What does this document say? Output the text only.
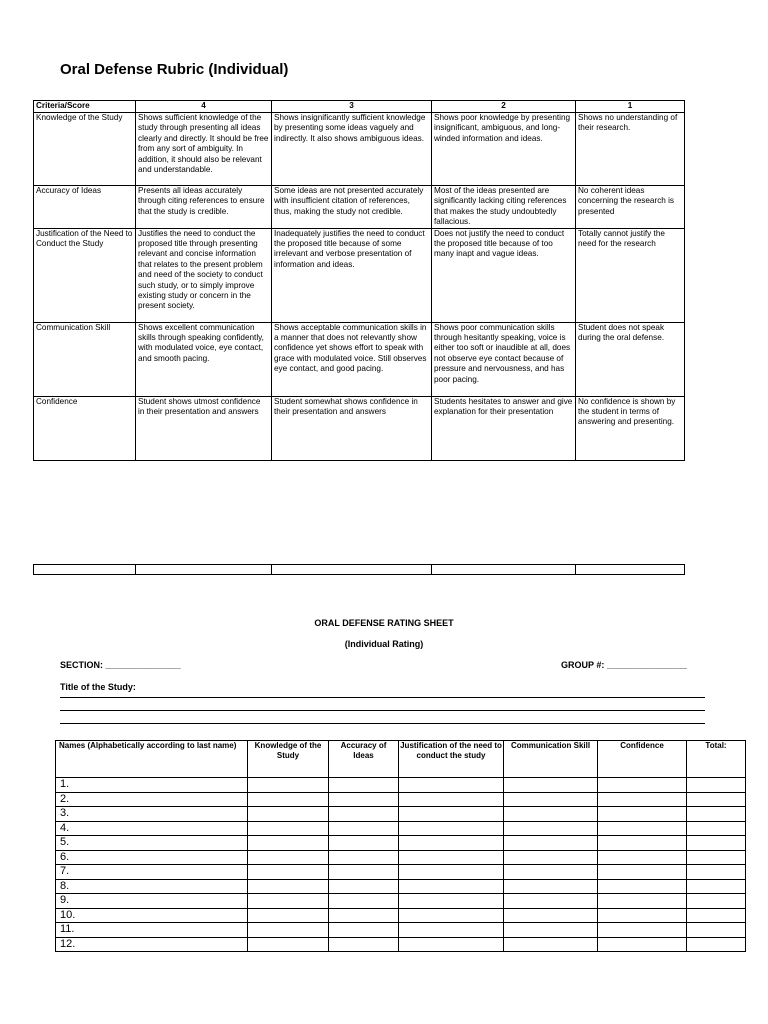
Oral Defense Rubric (Individual)
Criteria/Score	4	3	2	1
Knowledge of the Study	Shows sufficient knowledge of the study through presenting all ideas clearly and directly. It should be free from any sort of ambiguity. In addition, it should also be relevant and understandable.	Shows insignificantly sufficient knowledge by presenting some ideas vaguely and indirectly. It also shows ambiguous ideas.	Shows poor knowledge by presenting insignificant, ambiguous, and long-winded information and ideas.	Shows no understanding of their research.
Accuracy of Ideas	Presents all ideas accurately through citing references to ensure that the study is credible.	Some ideas are not presented accurately with insufficient citation of references, thus, making the study not credible.	Most of the ideas presented are significantly lacking citing references that makes the study undoubtedly fallacious.	No coherent ideas concerning the research is presented
Justification of the Need to Conduct the Study	Justifies the need to conduct the proposed title through presenting relevant and concise information that relates to the present problem and need of the society to conduct such study, or to simply improve existing study or concern in the present society.	Inadequately justifies the need to conduct the proposed title because of some irrelevant and verbose presentation of information and ideas.	Does not justify the need to conduct the proposed title because of too many inapt and vague ideas.	Totally cannot justify the need for the research
Communication Skill	Shows excellent communication skills through speaking confidently, with modulated voice, eye contact, and smooth pacing.	Shows acceptable communication skills in a manner that does not relevantly show confidence yet shows effort to speak with grace with modulated voice. Still observes eye contact, and good pacing.	Shows poor communication skills through hesitantly speaking, voice is either too soft or inaudible at all, does not observe eye contact because of pressure and nervousness, and has poor pacing.	Student does not speak during the oral defense.
Confidence	Student shows utmost confidence in their presentation and answers	Student somewhat shows confidence in their presentation and answers	Students hesitates to answer and give explanation for their presentation	No confidence is shown by the student in terms of answering and presenting.

ORAL DEFENSE RATING SHEET
(Individual Rating)
SECTION: _______________	GROUP #: ________________
Title of the Study:
Names (Alphabetically according to last name)	Knowledge of the Study	Accuracy of Ideas	Justification of the need to conduct the study	Communication Skill	Confidence	Total:
1.						
2.						
3.						
4.						
5.						
6.						
7.						
8.						
9.						
10.						
11.						
12.						
